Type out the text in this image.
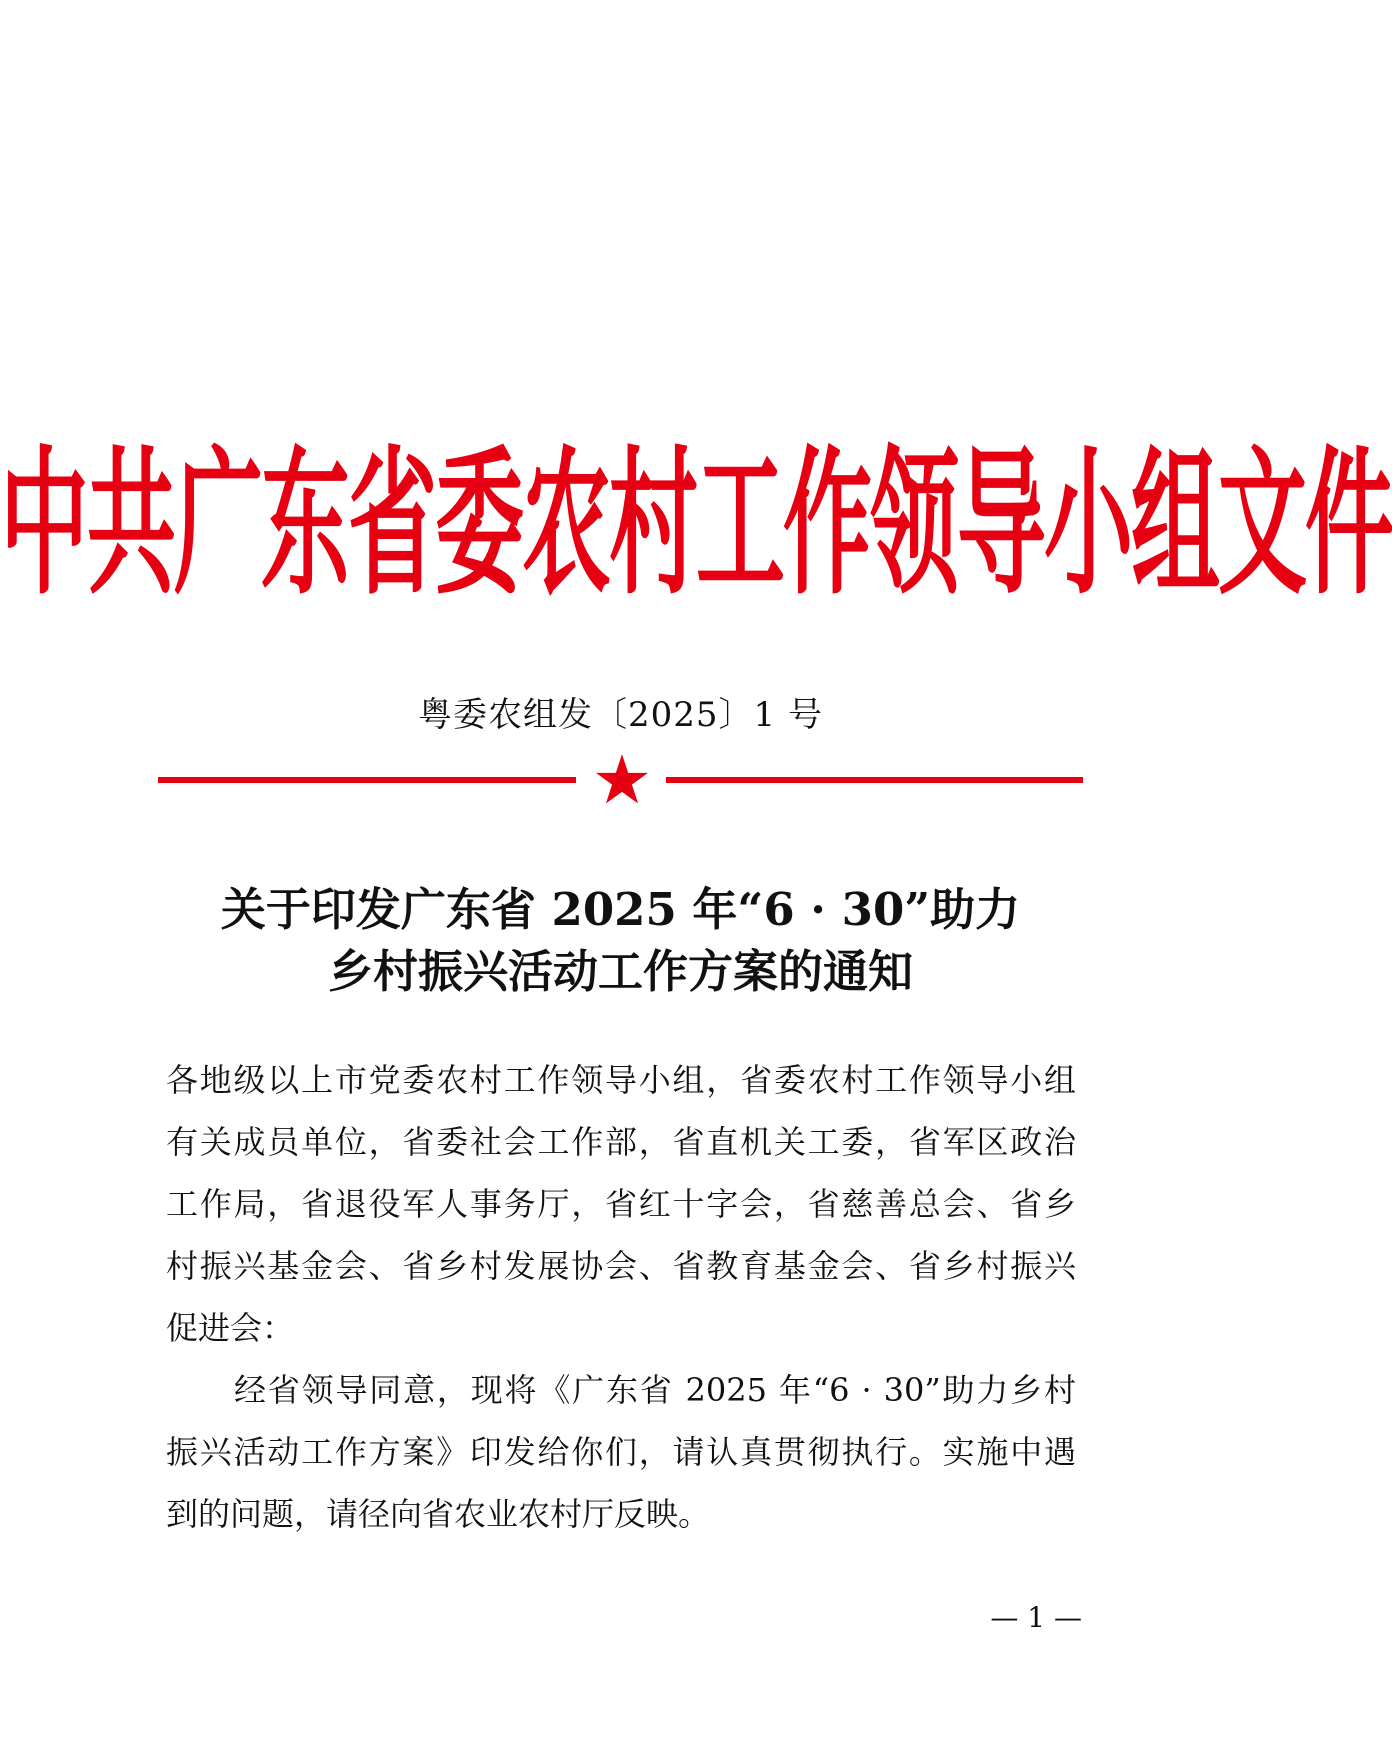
中共广东省委农村工作领导小组文件
粤委农组发〔2025〕1 号
关于印发广东省 2025 年“6 · 30”助力
乡村振兴活动工作方案的通知
各地级以上市党委农村工作领导小组，省委农村工作领导小组
有关成员单位，省委社会工作部，省直机关工委，省军区政治
工作局，省退役军人事务厅，省红十字会，省慈善总会、省乡
村振兴基金会、省乡村发展协会、省教育基金会、省乡村振兴
促进会：
经省领导同意，现将《广东省 2025 年“6 · 30”助力乡村
振兴活动工作方案》印发给你们，请认真贯彻执行。实施中遇
到的问题，请径向省农业农村厅反映。
— 1 —
